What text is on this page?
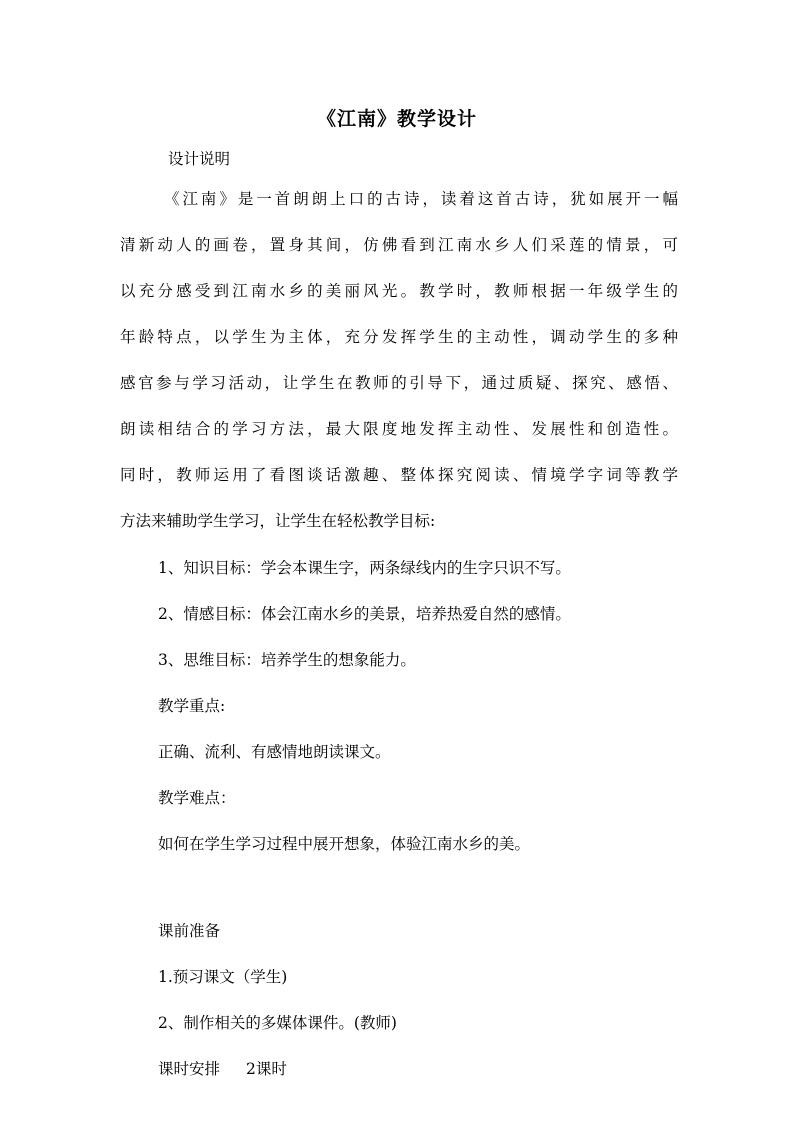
《江南》教学设计
设计说明
《江南》是一首朗朗上口的古诗，读着这首古诗，犹如展开一幅
清新动人的画卷，置身其间，仿佛看到江南水乡人们采莲的情景，可
以充分感受到江南水乡的美丽风光。教学时，教师根据一年级学生的
年龄特点，以学生为主体，充分发挥学生的主动性，调动学生的多种
感官参与学习活动，让学生在教师的引导下，通过质疑、探究、感悟、
朗读相结合的学习方法，最大限度地发挥主动性、发展性和创造性。
同时，教师运用了看图谈话激趣、整体探究阅读、情境学字词等教学
方法来辅助学生学习，让学生在轻松教学目标:
1、知识目标：学会本课生字，两条绿线内的生字只识不写。
2、情感目标：体会江南水乡的美景，培养热爱自然的感情。
3、思维目标：培养学生的想象能力。
教学重点:
正确、流利、有感情地朗读课文。
教学难点：
如何在学生学习过程中展开想象，体验江南水乡的美。
课前准备
1.预习课文（学生)
2、制作相关的多媒体课件。(教师)
课时安排 2课时
